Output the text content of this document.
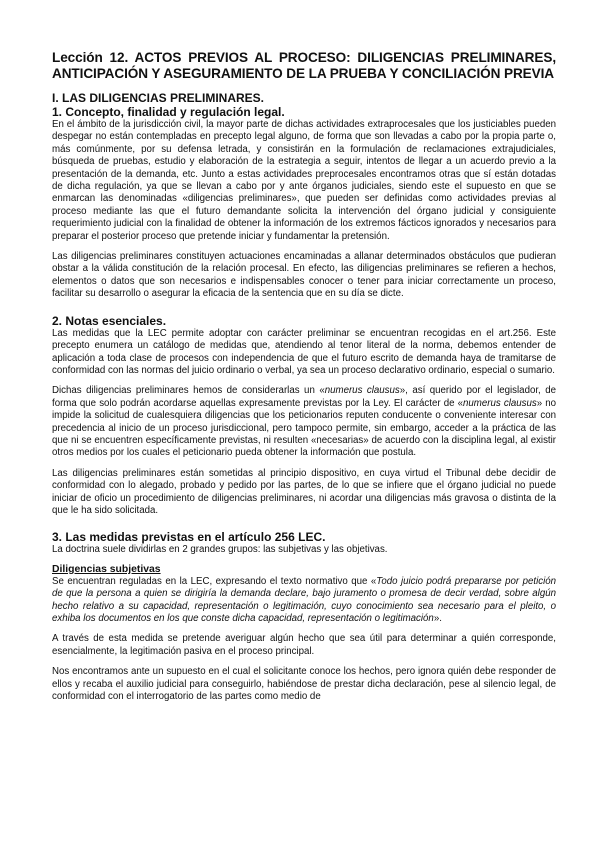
Lección 12. ACTOS PREVIOS AL PROCESO: DILIGENCIAS PRELIMINARES, ANTICIPACIÓN Y ASEGURAMIENTO DE LA PRUEBA Y CONCILIACIÓN PREVIA
I. LAS DILIGENCIAS PRELIMINARES.
1. Concepto, finalidad y regulación legal.

En el ámbito de la jurisdicción civil, la mayor parte de dichas actividades extraprocesales que los justiciables pueden despegar no están contempladas en precepto legal alguno, de forma que son llevadas a cabo por la propia parte o, más comúnmente, por su defensa letrada, y consistirán en la formulación de reclamaciones extrajudiciales, búsqueda de pruebas, estudio y elaboración de la estrategia a seguir, intentos de llegar a un acuerdo previo a la presentación de la demanda, etc. Junto a estas actividades preprocesales encontramos otras que sí están dotadas de dicha regulación, ya que se llevan a cabo por y ante órganos judiciales, siendo este el supuesto en que se enmarcan las denominadas «diligencias preliminares», que pueden ser definidas como actividades previas al proceso mediante las que el futuro demandante solicita la intervención del órgano judicial y consiguiente requerimiento judicial con la finalidad de obtener la información de los extremos fácticos ignorados y necesarios para preparar el posterior proceso que pretende iniciar y fundamentar la pretensión.

Las diligencias preliminares constituyen actuaciones encaminadas a allanar determinados obstáculos que pudieran obstar a la válida constitución de la relación procesal. En efecto, las diligencias preliminares se refieren a hechos, elementos o datos que son necesarios e indispensables conocer o tener para iniciar correctamente un proceso, facilitar su desarrollo o asegurar la eficacia de la sentencia que en su día se dicte.

2. Notas esenciales.

Las medidas que la LEC permite adoptar con carácter preliminar se encuentran recogidas en el art.256. Este precepto enumera un catálogo de medidas que, atendiendo al tenor literal de la norma, debemos entender de aplicación a toda clase de procesos con independencia de que el futuro escrito de demanda haya de tramitarse de conformidad con las normas del juicio ordinario o verbal, ya sea un proceso declarativo ordinario, especial o sumario.

Dichas diligencias preliminares hemos de considerarlas un «numerus clausus», así querido por el legislador, de forma que solo podrán acordarse aquellas expresamente previstas por la Ley. El carácter de «numerus clausus» no impide la solicitud de cualesquiera diligencias que los peticionarios reputen conducente o conveniente interesar con precedencia al inicio de un proceso jurisdiccional, pero tampoco permite, sin embargo, acceder a la práctica de las que ni se encuentren específicamente previstas, ni resulten «necesarias» de acuerdo con la disciplina legal, al existir otros medios por los cuales el peticionario pueda obtener la información que postula.

Las diligencias preliminares están sometidas al principio dispositivo, en cuya virtud el Tribunal debe decidir de conformidad con lo alegado, probado y pedido por las partes, de lo que se infiere que el órgano judicial no puede iniciar de oficio un procedimiento de diligencias preliminares, ni acordar una diligencias más gravosa o distinta de la que le ha sido solicitada.

3. Las medidas previstas en el artículo 256 LEC.

La doctrina suele dividirlas en 2 grandes grupos: las subjetivas y las objetivas.

Diligencias subjetivas

Se encuentran reguladas en la LEC, expresando el texto normativo que «Todo juicio podrá prepararse por petición de que la persona a quien se dirigiría la demanda declare, bajo juramento o promesa de decir verdad, sobre algún hecho relativo a su capacidad, representación o legitimación, cuyo conocimiento sea necesario para el pleito, o exhiba los documentos en los que conste dicha capacidad, representación o legitimación».

A través de esta medida se pretende averiguar algún hecho que sea útil para determinar a quién corresponde, esencialmente, la legitimación pasiva en el proceso principal.

Nos encontramos ante un supuesto en el cual el solicitante conoce los hechos, pero ignora quién debe responder de ellos y recaba el auxilio judicial para conseguirlo, habiéndose de prestar dicha declaración, pese al silencio legal, de conformidad con el interrogatorio de las partes como medio de
